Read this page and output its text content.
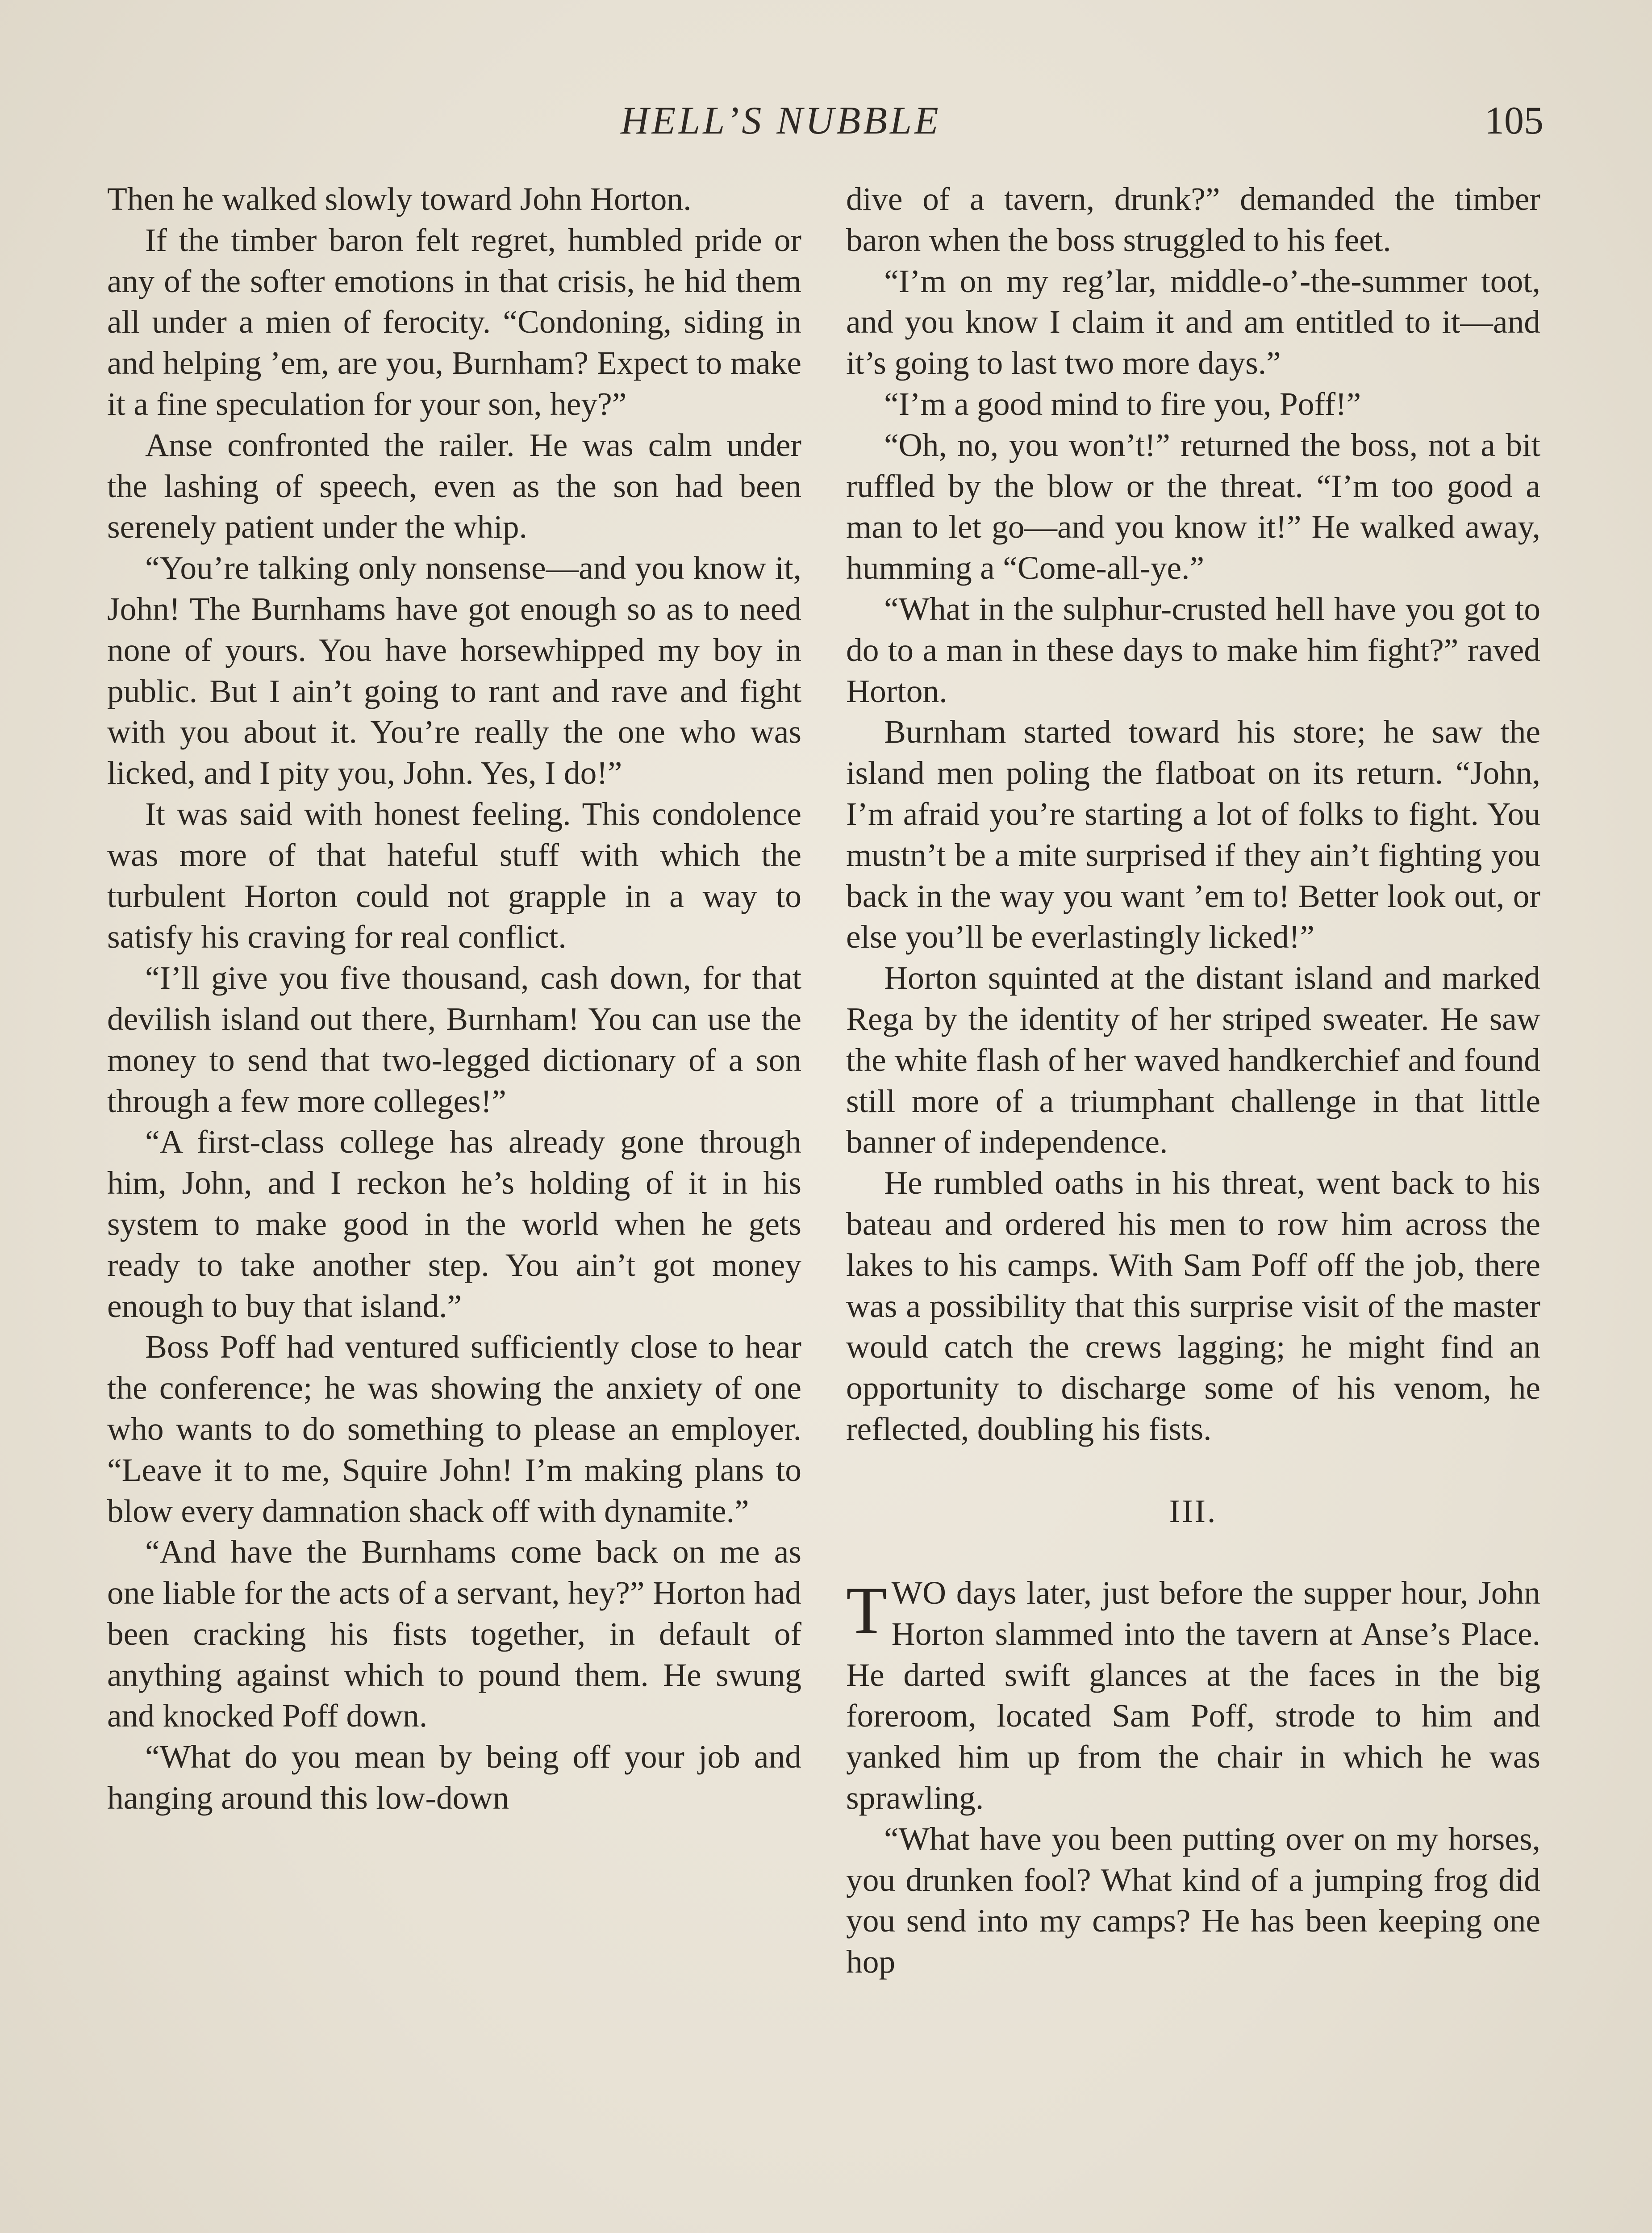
HELL’S NUBBLE	105

Then he walked slowly toward John Horton.

If the timber baron felt regret, humbled pride or any of the softer emotions in that crisis, he hid them all under a mien of ferocity. “Condoning, siding in and helping ’em, are you, Burnham? Expect to make it a fine speculation for your son, hey?”

Anse confronted the railer. He was calm under the lashing of speech, even as the son had been serenely patient under the whip.

“You’re talking only nonsense—and you know it, John! The Burnhams have got enough so as to need none of yours. You have horsewhipped my boy in public. But I ain’t going to rant and rave and fight with you about it. You’re really the one who was licked, and I pity you, John. Yes, I do!”

It was said with honest feeling. This condolence was more of that hateful stuff with which the turbulent Horton could not grapple in a way to satisfy his craving for real conflict.

“I’ll give you five thousand, cash down, for that devilish island out there, Burnham! You can use the money to send that two-legged dictionary of a son through a few more colleges!”

“A first-class college has already gone through him, John, and I reckon he’s holding of it in his system to make good in the world when he gets ready to take another step. You ain’t got money enough to buy that island.”

Boss Poff had ventured sufficiently close to hear the conference; he was showing the anxiety of one who wants to do something to please an employer. “Leave it to me, Squire John! I’m making plans to blow every damnation shack off with dynamite.”

“And have the Burnhams come back on me as one liable for the acts of a servant, hey?” Horton had been cracking his fists together, in default of anything against which to pound them. He swung and knocked Poff down.

“What do you mean by being off your job and hanging around this low-down

dive of a tavern, drunk?” demanded the timber baron when the boss struggled to his feet.

“I’m on my reg’lar, middle-o’-the-summer toot, and you know I claim it and am entitled to it—and it’s going to last two more days.”

“I’m a good mind to fire you, Poff!”

“Oh, no, you won’t!” returned the boss, not a bit ruffled by the blow or the threat. “I’m too good a man to let go—and you know it!” He walked away, humming a “Come-all-ye.”

“What in the sulphur-crusted hell have you got to do to a man in these days to make him fight?” raved Horton.

Burnham started toward his store; he saw the island men poling the flatboat on its return. “John, I’m afraid you’re starting a lot of folks to fight. You mustn’t be a mite surprised if they ain’t fighting you back in the way you want ’em to! Better look out, or else you’ll be everlastingly licked!”

Horton squinted at the distant island and marked Rega by the identity of her striped sweater. He saw the white flash of her waved handkerchief and found still more of a triumphant challenge in that little banner of independence.

He rumbled oaths in his threat, went back to his bateau and ordered his men to row him across the lakes to his camps. With Sam Poff off the job, there was a possibility that this surprise visit of the master would catch the crews lagging; he might find an opportunity to discharge some of his venom, he reflected, doubling his fists.

III.

TWO days later, just before the supper hour, John Horton slammed into the tavern at Anse’s Place. He darted swift glances at the faces in the big foreroom, located Sam Poff, strode to him and yanked him up from the chair in which he was sprawling.

“What have you been putting over on my horses, you drunken fool? What kind of a jumping frog did you send into my camps? He has been keeping one hop
